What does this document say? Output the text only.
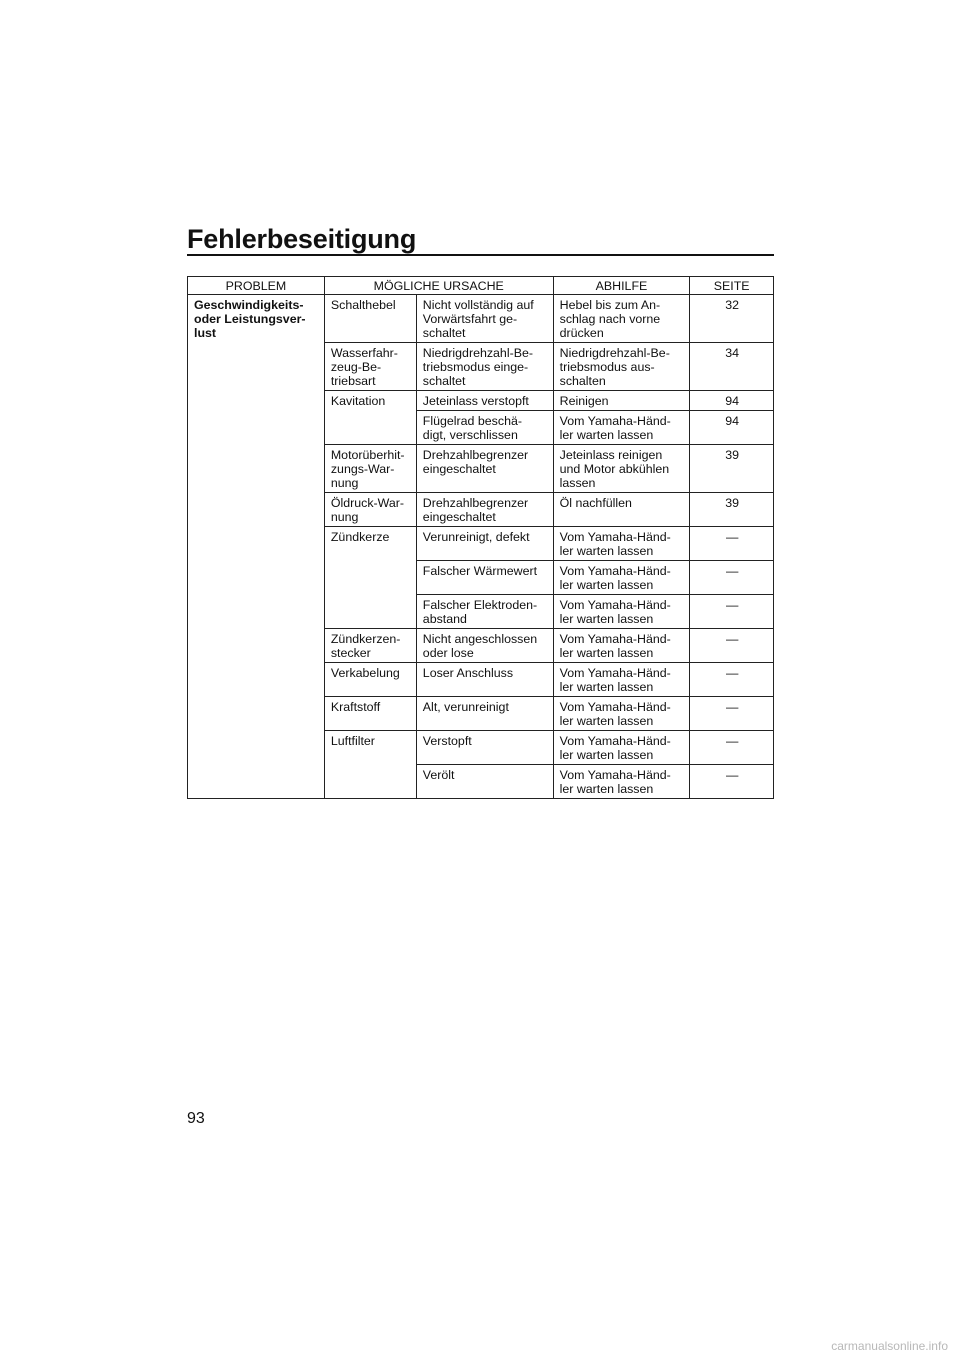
Fehlerbeseitigung
PROBLEM	MÖGLICHE URSACHE		ABHILFE	SEITE
Geschwindigkeits-
oder Leistungsver-
lust	Schalthebel	Nicht vollständig auf
Vorwärtsfahrt ge-
schaltet	Hebel bis zum An-
schlag nach vorne
drücken	32
	Wasserfahr-
zeug-Be-
triebsart	Niedrigdrehzahl-Be-
triebsmodus einge-
schaltet	Niedrigdrehzahl-Be-
triebsmodus aus-
schalten	34
	Kavitation	Jeteinlass verstopft	Reinigen	94
		Flügelrad beschä-
digt, verschlissen	Vom Yamaha-Händ-
ler warten lassen	94
	Motorüberhit-
zungs-War-
nung	Drehzahlbegrenzer
eingeschaltet	Jeteinlass reinigen
und Motor abkühlen
lassen	39
	Öldruck-War-
nung	Drehzahlbegrenzer
eingeschaltet	Öl nachfüllen	39
	Zündkerze	Verunreinigt, defekt	Vom Yamaha-Händ-
ler warten lassen	—
		Falscher Wärmewert	Vom Yamaha-Händ-
ler warten lassen	—
		Falscher Elektroden-
abstand	Vom Yamaha-Händ-
ler warten lassen	—
	Zündkerzen-
stecker	Nicht angeschlossen
oder lose	Vom Yamaha-Händ-
ler warten lassen	—
	Verkabelung	Loser Anschluss	Vom Yamaha-Händ-
ler warten lassen	—
	Kraftstoff	Alt, verunreinigt	Vom Yamaha-Händ-
ler warten lassen	—
	Luftfilter	Verstopft	Vom Yamaha-Händ-
ler warten lassen	—
		Verölt	Vom Yamaha-Händ-
ler warten lassen	—

93

carmanualsonline.info
